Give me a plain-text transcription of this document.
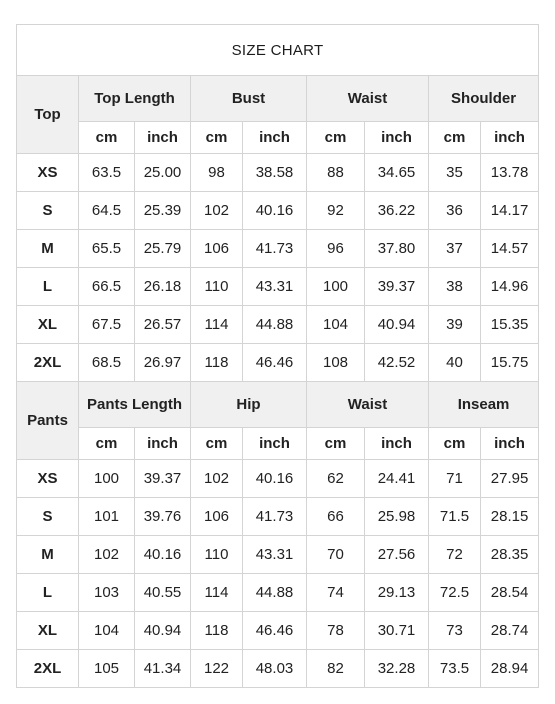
SIZE CHART								
Top	Top Length		Bust		Waist		Shoulder	
	cm	inch	cm	inch	cm	inch	cm	inch
XS	63.5	25.00	98	38.58	88	34.65	35	13.78
S	64.5	25.39	102	40.16	92	36.22	36	14.17
M	65.5	25.79	106	41.73	96	37.80	37	14.57
L	66.5	26.18	110	43.31	100	39.37	38	14.96
XL	67.5	26.57	114	44.88	104	40.94	39	15.35
2XL	68.5	26.97	118	46.46	108	42.52	40	15.75
Pants	Pants Length		Hip		Waist		Inseam	
	cm	inch	cm	inch	cm	inch	cm	inch
XS	100	39.37	102	40.16	62	24.41	71	27.95
S	101	39.76	106	41.73	66	25.98	71.5	28.15
M	102	40.16	110	43.31	70	27.56	72	28.35
L	103	40.55	114	44.88	74	29.13	72.5	28.54
XL	104	40.94	118	46.46	78	30.71	73	28.74
2XL	105	41.34	122	48.03	82	32.28	73.5	28.94
